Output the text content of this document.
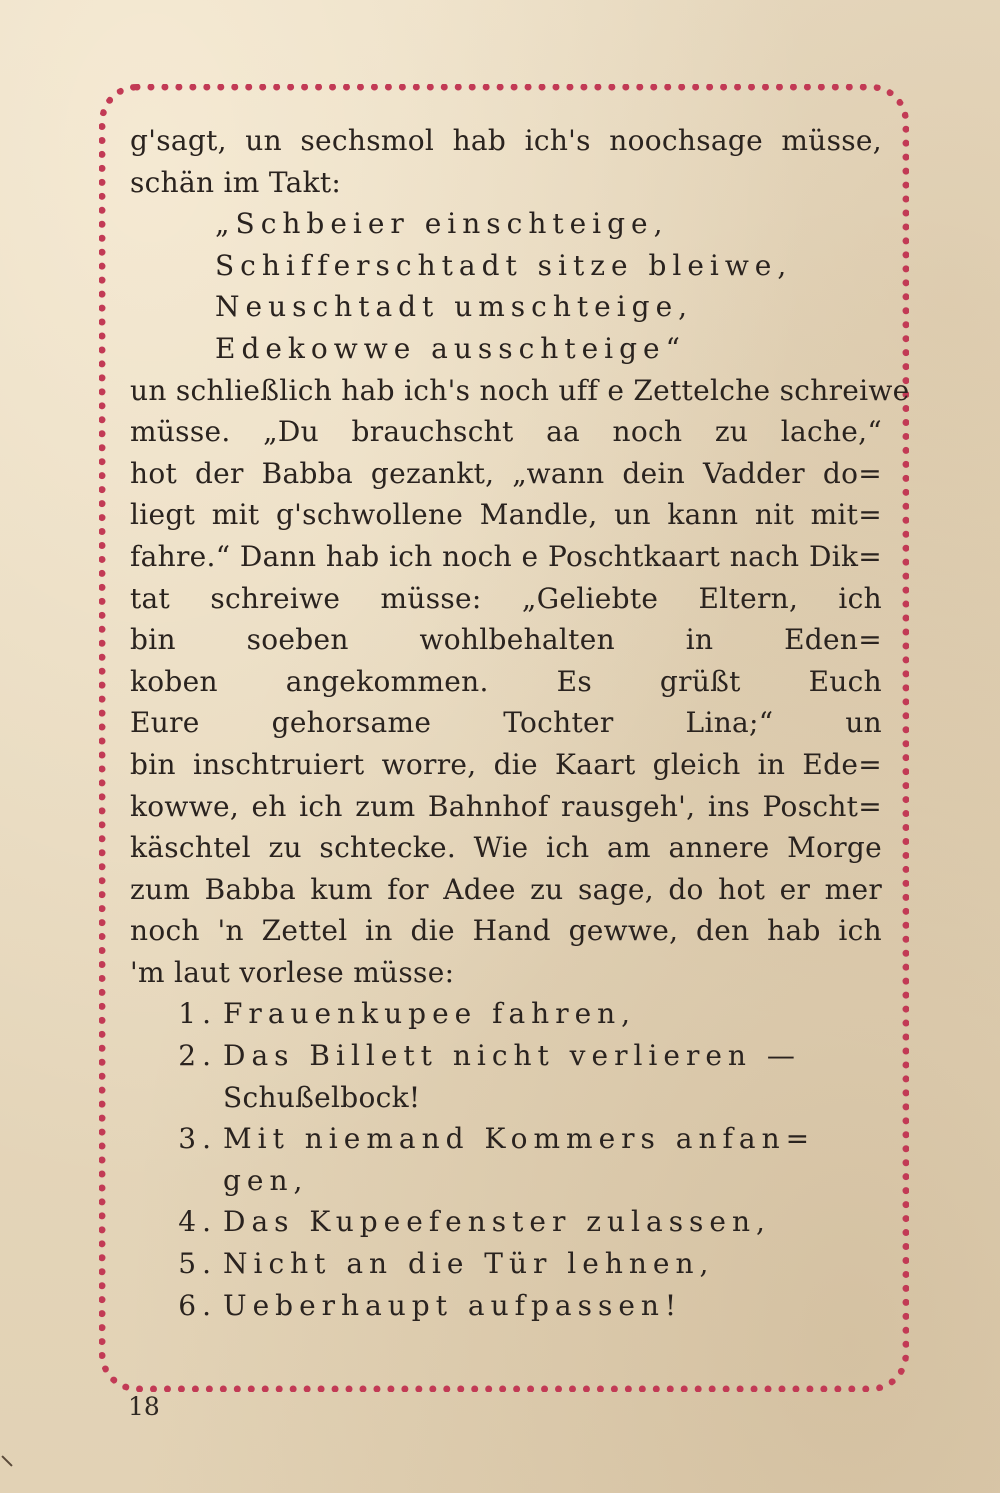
g'sagt, un sechsmol hab ich's noochsage müsse,
schän im Takt:
„Schbeier einschteige,
Schifferschtadt sitze bleiwe,
Neuschtadt umschteige,
Edekowwe ausschteige“
un schließlich hab ich's noch uff e Zettelche schreiwe
müsse. „Du brauchscht aa noch zu lache,“
hot der Babba gezankt, „wann dein Vadder do=
liegt mit g'schwollene Mandle, un kann nit mit=
fahre.“ Dann hab ich noch e Poschtkaart nach Dik=
tat schreiwe müsse: „Geliebte Eltern, ich
bin soeben wohlbehalten in Eden=
koben angekommen. Es grüßt Euch
Eure gehorsame Tochter Lina;“ un
bin inschtruiert worre, die Kaart gleich in Ede=
kowwe, eh ich zum Bahnhof rausgeh', ins Poscht=
käschtel zu schtecke. Wie ich am annere Morge
zum Babba kum for Adee zu sage, do hot er mer
noch 'n Zettel in die Hand gewwe, den hab ich
'm laut vorlese müsse:
1. Frauenkupee fahren,
2. Das Billett nicht verlieren —
Schußelbock!
3. Mit niemand Kommers anfan=
gen,
4. Das Kupeefenster zulassen,
5. Nicht an die Tür lehnen,
6. Ueberhaupt aufpassen!
18
